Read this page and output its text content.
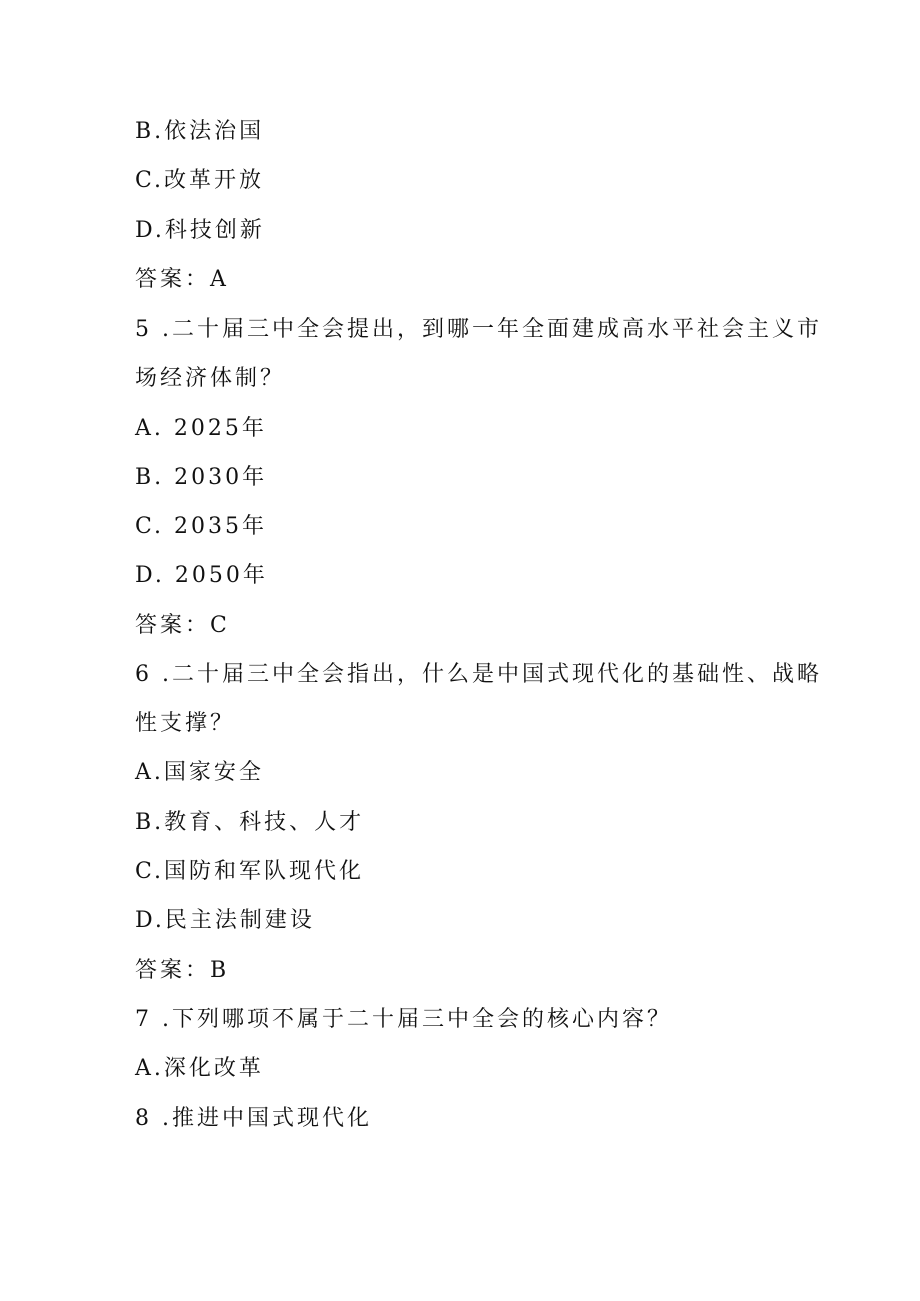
B.依法治国
C.改革开放
D.科技创新
答案：A
5 .二十届三中全会提出，到哪一年全面建成高水平社会主义市
场经济体制？
A. 2025年
B. 2030年
C. 2035年
D. 2050年
答案：C
6 .二十届三中全会指出，什么是中国式现代化的基础性、战略
性支撑？
A.国家安全
B.教育、科技、人才
C.国防和军队现代化
D.民主法制建设
答案：B
7 .下列哪项不属于二十届三中全会的核心内容？
A.深化改革
8 .推进中国式现代化
